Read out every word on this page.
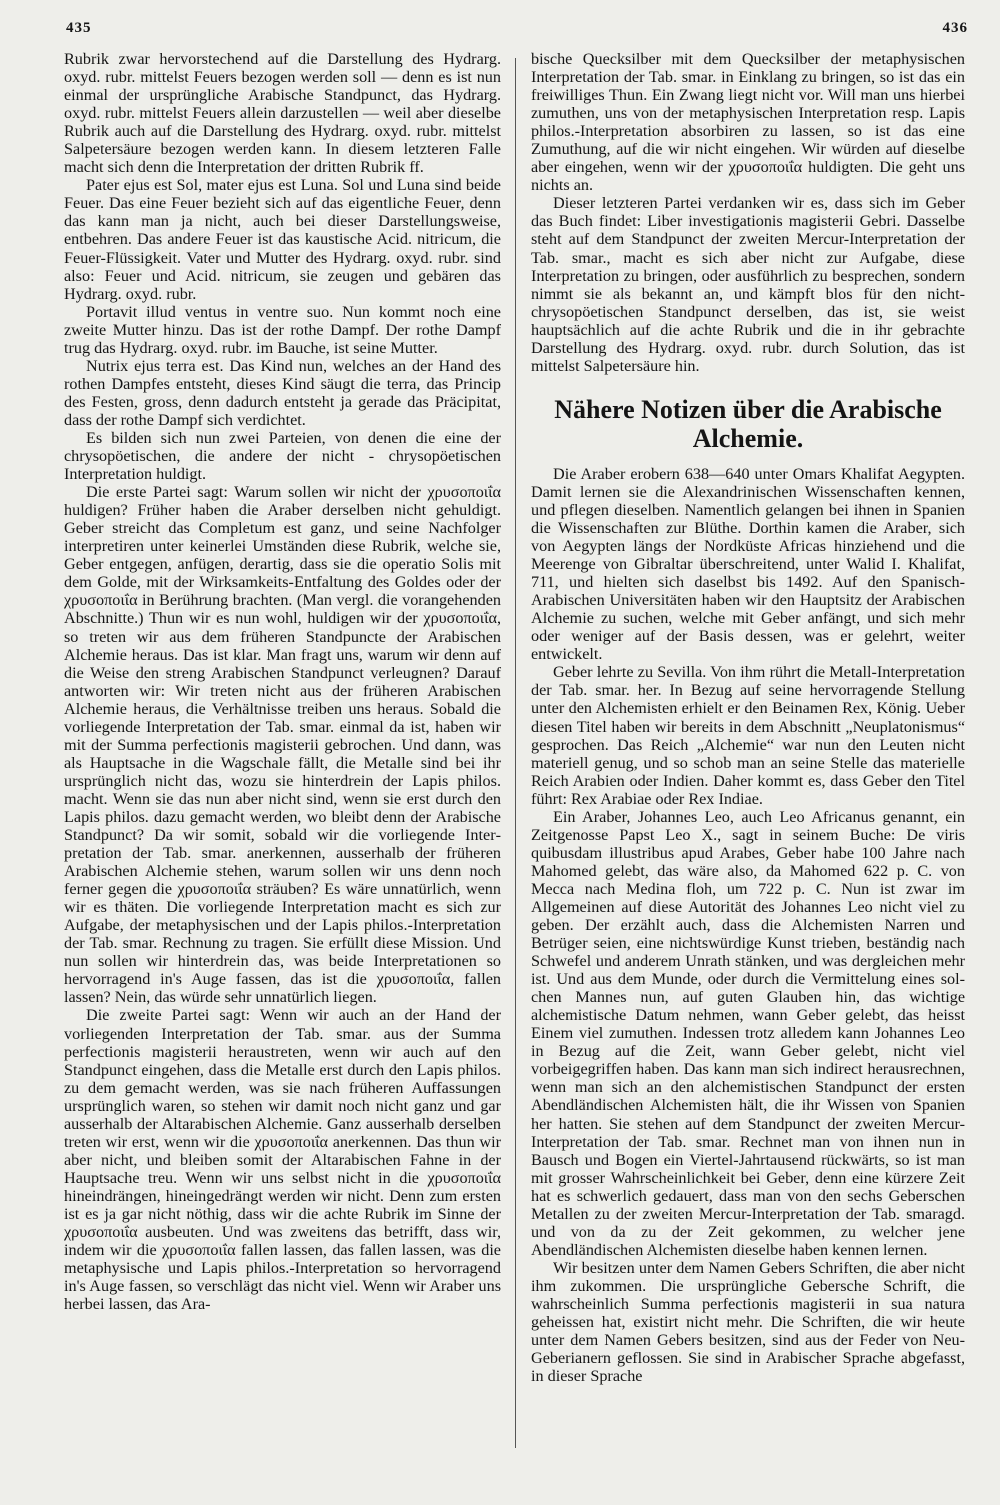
435	436

Rubrik zwar hervorstechend auf die Darstellung des Hydrarg. oxyd. rubr. mittelst Feuers bezogen werden soll — denn es ist nun einmal der ursprüngliche Arabische Standpunct, das Hydrarg. oxyd. rubr. mittelst Feuers allein darzustellen — weil aber dieselbe Rubrik auch auf die Darstellung des Hydrarg. oxyd. rubr. mittelst Salpetersäure bezogen werden kann. In diesem letzteren Falle macht sich denn die Interpretation der dritten Rubrik ff.

Pater ejus est Sol, mater ejus est Luna. Sol und Luna sind beide Feuer. Das eine Feuer bezieht sich auf das eigentliche Feuer, denn das kann man ja nicht, auch bei dieser Darstellungsweise, entbehren. Das andere Feuer ist das kaustische Acid. nitricum, die Feuer-Flüssigkeit. Vater und Mutter des Hydrarg. oxyd. rubr. sind also: Feuer und Acid. nitricum, sie zeugen und gebären das Hydrarg. oxyd. rubr.

Portavit illud ventus in ventre suo. Nun kommt noch eine zweite Mutter hinzu. Das ist der rothe Dampf. Der rothe Dampf trug das Hydrarg. oxyd. rubr. im Bauche, ist seine Mutter.

Nutrix ejus terra est. Das Kind nun, welches an der Hand des rothen Dampfes entsteht, dieses Kind säugt die terra, das Princip des Festen, gross, denn dadurch entsteht ja gerade das Präcipitat, dass der rothe Dampf sich verdichtet.

Es bilden sich nun zwei Parteien, von denen die eine der chrysopöetischen, die andere der nicht - chrysopöetischen Interpretation huldigt.

Die erste Partei sagt: Warum sollen wir nicht der χρυσοποιΐα huldigen? Früher haben die Araber derselben nicht gehuldigt. Geber streicht das Completum est ganz, und seine Nachfolger interpretiren unter keinerlei Umständen diese Rubrik, welche sie, Geber entgegen, anfügen, derartig, dass sie die operatio Solis mit dem Golde, mit der Wirksamkeits-Entfaltung des Goldes oder der χρυσοποιΐα in Berührung brachten. (Man vergl. die vorangehenden Abschnitte.) Thun wir es nun wohl, huldigen wir der χρυσοποιΐα, so treten wir aus dem früheren Standpuncte der Arabischen Alchemie heraus. Das ist klar. Man fragt uns, warum wir denn auf die Weise den streng Arabischen Standpunct verleugnen? Darauf antworten wir: Wir treten nicht aus der früheren Arabischen Alchemie heraus, die Verhältnisse treiben uns heraus. Sobald die vorliegende Interpretation der Tab. smar. einmal da ist, haben wir mit der Summa perfectionis magisterii gebrochen. Und dann, was als Hauptsache in die Wagschale fällt, die Metalle sind bei ihr ursprünglich nicht das, wozu sie hinterdrein der Lapis philos. macht. Wenn sie das nun aber nicht sind, wenn sie erst durch den Lapis philos. dazu gemacht werden, wo bleibt denn der Arabische Standpunct? Da wir somit, sobald wir die vorliegende Interpretation der Tab. smar. anerkennen, ausserhalb der früheren Arabischen Alchemie stehen, warum sollen wir uns denn noch ferner gegen die χρυσοποιΐα sträuben? Es wäre unnatürlich, wenn wir es thäten. Die vorliegende Interpretation macht es sich zur Aufgabe, der metaphysischen und der Lapis philos.-Interpretation der Tab. smar. Rechnung zu tragen. Sie erfüllt diese Mission. Und nun sollen wir hinterdrein das, was beide Interpretationen so hervorragend in's Auge fassen, das ist die χρυσοποιΐα, fallen lassen? Nein, das würde sehr unnatürlich liegen.

Die zweite Partei sagt: Wenn wir auch an der Hand der vorliegenden Interpretation der Tab. smar. aus der Summa perfectionis magisterii heraustreten, wenn wir auch auf den Standpunct eingehen, dass die Metalle erst durch den Lapis philos. zu dem gemacht werden, was sie nach früheren Auffassungen ursprünglich waren, so stehen wir damit noch nicht ganz und gar ausserhalb der Altarabischen Alchemie. Ganz ausserhalb derselben treten wir erst, wenn wir die χρυσοποιΐα anerkennen. Das thun wir aber nicht, und bleiben somit der Altarabischen Fahne in der Hauptsache treu. Wenn wir uns selbst nicht in die χρυσοποιΐα hineindrängen, hineingedrängt werden wir nicht. Denn zum ersten ist es ja gar nicht nöthig, dass wir die achte Rubrik im Sinne der χρυσοποιΐα ausbeuten. Und was zweitens das betrifft, dass wir, indem wir die χρυσοποιΐα fallen lassen, das fallen lassen, was die metaphysische und Lapis philos.-Interpretation so hervorragend in's Auge fassen, so verschlägt das nicht viel. Wenn wir Araber uns herbei lassen, das Ara-

bische Quecksilber mit dem Quecksilber der metaphysischen Interpretation der Tab. smar. in Einklang zu bringen, so ist das ein freiwilliges Thun. Ein Zwang liegt nicht vor. Will man uns hierbei zumuthen, uns von der metaphysischen Interpretation resp. Lapis philos.-Interpretation absorbiren zu lassen, so ist das eine Zumuthung, auf die wir nicht eingehen. Wir würden auf dieselbe aber eingehen, wenn wir der χρυσοποιΐα huldigten. Die geht uns nichts an.

Dieser letzteren Partei verdanken wir es, dass sich im Geber das Buch findet: Liber investigationis magisterii Gebri. Dasselbe steht auf dem Standpunct der zweiten Mercur-Interpretation der Tab. smar., macht es sich aber nicht zur Aufgabe, diese Interpretation zu bringen, oder ausführlich zu besprechen, sondern nimmt sie als bekannt an, und kämpft blos für den nicht-chrysopöetischen Standpunct derselben, das ist, sie weist hauptsächlich auf die achte Rubrik und die in ihr gebrachte Darstellung des Hydrarg. oxyd. rubr. durch Solution, das ist mittelst Salpetersäure hin.

Nähere Notizen über die Arabische Alchemie.

Die Araber erobern 638—640 unter Omars Khalifat Aegypten. Damit lernen sie die Alexandrinischen Wissenschaften kennen, und pflegen dieselben. Namentlich gelangen bei ihnen in Spanien die Wissenschaften zur Blüthe. Dorthin kamen die Araber, sich von Aegypten längs der Nordküste Africas hinziehend und die Meerenge von Gibraltar überschreitend, unter Walid I. Khalifat, 711, und hielten sich daselbst bis 1492. Auf den Spanisch-Arabischen Universitäten haben wir den Hauptsitz der Arabischen Alchemie zu suchen, welche mit Geber anfängt, und sich mehr oder weniger auf der Basis dessen, was er gelehrt, weiter entwickelt.

Geber lehrte zu Sevilla. Von ihm rührt die Metall-Interpretation der Tab. smar. her. In Bezug auf seine hervorragende Stellung unter den Alchemisten erhielt er den Beinamen Rex, König. Ueber diesen Titel haben wir bereits in dem Abschnitt „Neuplatonismus“ gesprochen. Das Reich „Alchemie“ war nun den Leuten nicht materiell genug, und so schob man an seine Stelle das materielle Reich Arabien oder Indien. Daher kommt es, dass Geber den Titel führt: Rex Arabiae oder Rex Indiae.

Ein Araber, Johannes Leo, auch Leo Africanus genannt, ein Zeitgenosse Papst Leo X., sagt in seinem Buche: De viris quibusdam illustribus apud Arabes, Geber habe 100 Jahre nach Mahomed gelebt, das wäre also, da Mahomed 622 p. C. von Mecca nach Medina floh, um 722 p. C. Nun ist zwar im Allgemeinen auf diese Autorität des Johannes Leo nicht viel zu geben. Der erzählt auch, dass die Alchemisten Narren und Betrüger seien, eine nichtswürdige Kunst trieben, beständig nach Schwefel und anderem Unrath stänken, und was dergleichen mehr ist. Und aus dem Munde, oder durch die Vermittelung eines solchen Mannes nun, auf guten Glauben hin, das wichtige alchemistische Datum nehmen, wann Geber gelebt, das heisst Einem viel zumuthen. Indessen trotz alledem kann Johannes Leo in Bezug auf die Zeit, wann Geber gelebt, nicht viel vorbeigegriffen haben. Das kann man sich indirect herausrechnen, wenn man sich an den alchemistischen Standpunct der ersten Abendländischen Alchemisten hält, die ihr Wissen von Spanien her hatten. Sie stehen auf dem Standpunct der zweiten Mercur-Interpretation der Tab. smar. Rechnet man von ihnen nun in Bausch und Bogen ein Viertel-Jahrtausend rückwärts, so ist man mit grosser Wahrscheinlichkeit bei Geber, denn eine kürzere Zeit hat es schwerlich gedauert, dass man von den sechs Geberschen Metallen zu der zweiten Mercur-Interpretation der Tab. smaragd. und von da zu der Zeit gekommen, zu welcher jene Abendländischen Alchemisten dieselbe haben kennen lernen.

Wir besitzen unter dem Namen Gebers Schriften, die aber nicht ihm zukommen. Die ursprüngliche Gebersche Schrift, die wahrscheinlich Summa perfectionis magisterii in sua natura geheissen hat, existirt nicht mehr. Die Schriften, die wir heute unter dem Namen Gebers besitzen, sind aus der Feder von Neu-Geberianern geflossen. Sie sind in Arabischer Sprache abgefasst, in dieser Sprache
